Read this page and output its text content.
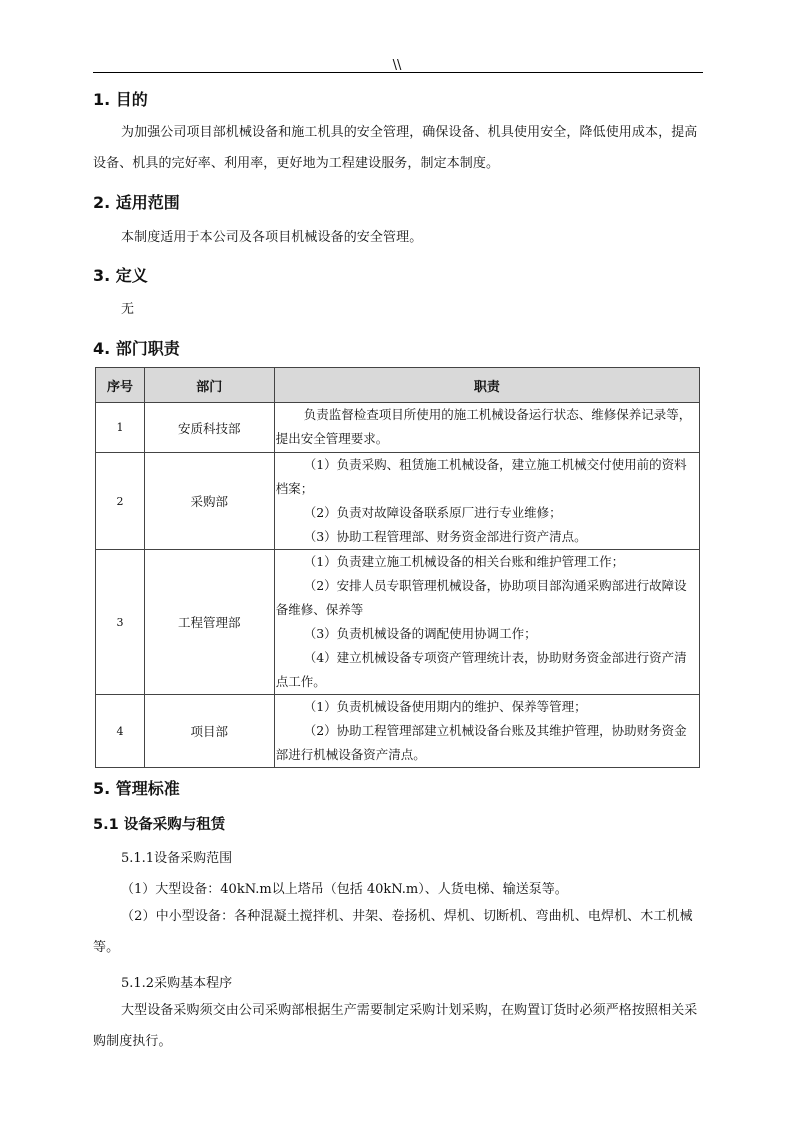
\\
1. 目的
为加强公司项目部机械设备和施工机具的安全管理，确保设备、机具使用安全，降低使用成本，提高设备、机具的完好率、利用率，更好地为工程建设服务，制定本制度。
2. 适用范围
本制度适用于本公司及各项目机械设备的安全管理。
3. 定义
无
4. 部门职责
序号	部门	职责
1	安质科技部	负责监督检查项目所使用的施工机械设备运行状态、维修保养记录等，提出安全管理要求。

2	采购部	（1）负责采购、租赁施工机械设备，建立施工机械交付使用前的资料档案；
（2）负责对故障设备联系原厂进行专业维修；
（3）协助工程管理部、财务资金部进行资产清点。

3	工程管理部	（1）负责建立施工机械设备的相关台账和维护管理工作；
（2）安排人员专职管理机械设备，协助项目部沟通采购部进行故障设备维修、保养等
（3）负责机械设备的调配使用协调工作；
（4）建立机械设备专项资产管理统计表，协助财务资金部进行资产清点工作。

4	项目部	（1）负责机械设备使用期内的维护、保养等管理；
（2）协助工程管理部建立机械设备台账及其维护管理，协助财务资金部进行机械设备资产清点。
5. 管理标准
5.1 设备采购与租赁
5.1.1设备采购范围
（1）大型设备：40kN.m以上塔吊（包括 40kN.m）、人货电梯、输送泵等。
（2）中小型设备：各种混凝土搅拌机、井架、卷扬机、焊机、切断机、弯曲机、电焊机、木工机械等。
5.1.2采购基本程序
大型设备采购须交由公司采购部根据生产需要制定采购计划采购，在购置订货时必须严格按照相关采购制度执行。
